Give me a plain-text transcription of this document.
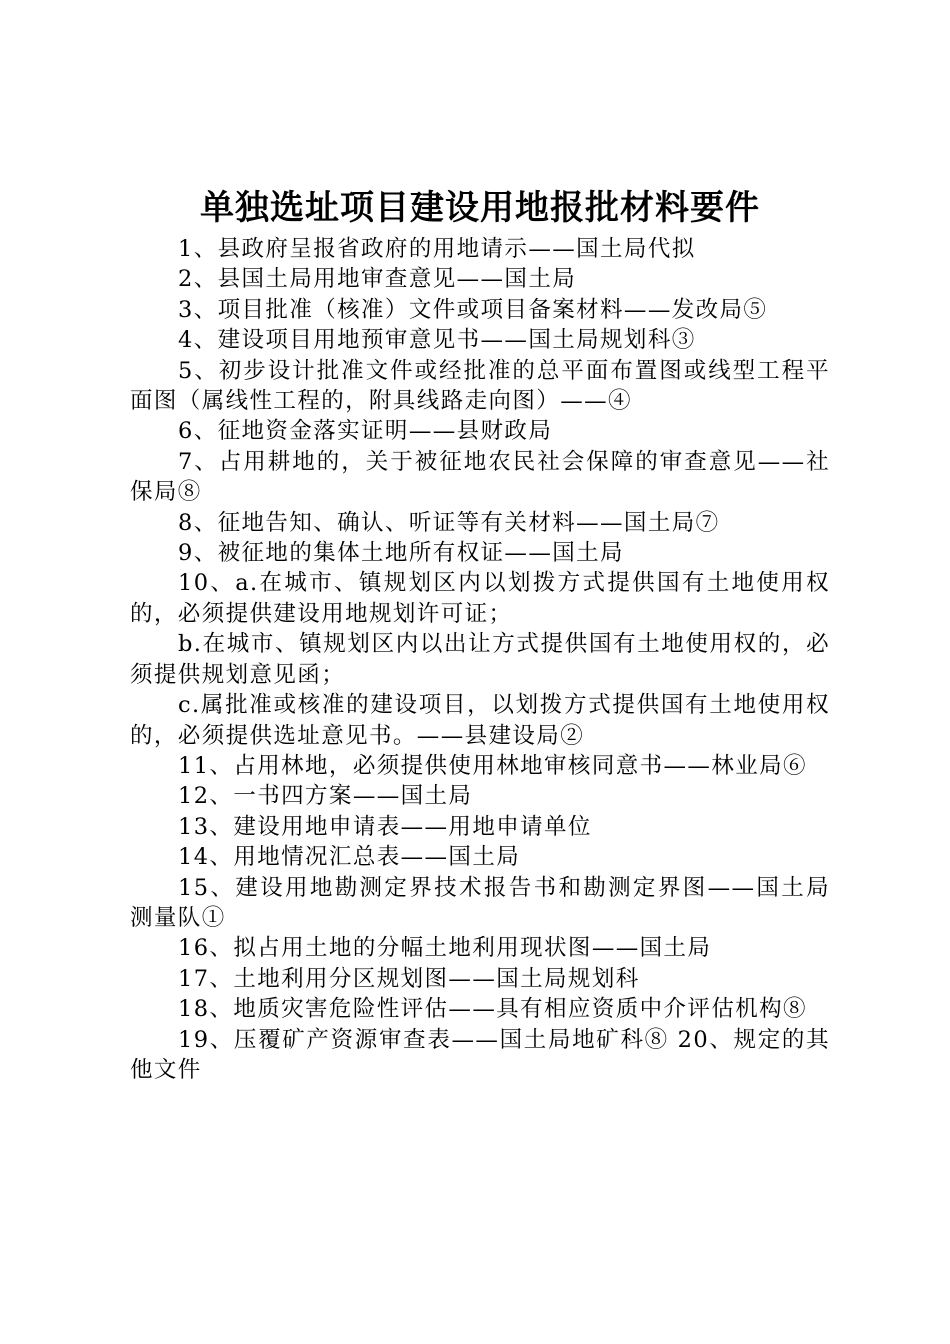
单独选址项目建设用地报批材料要件

1、县政府呈报省政府的用地请示——国土局代拟

2、县国土局用地审查意见——国土局

3、项目批准（核准）文件或项目备案材料——发改局⑤

4、建设项目用地预审意见书——国土局规划科③

5、初步设计批准文件或经批准的总平面布置图或线型工程平面图（属线性工程的，附具线路走向图）——④

6、征地资金落实证明——县财政局

7、占用耕地的，关于被征地农民社会保障的审查意见——社保局⑧

8、征地告知、确认、听证等有关材料——国土局⑦

9、被征地的集体土地所有权证——国土局

10、a.在城市、镇规划区内以划拨方式提供国有土地使用权的，必须提供建设用地规划许可证；

b.在城市、镇规划区内以出让方式提供国有土地使用权的，必须提供规划意见函；

c.属批准或核准的建设项目，以划拨方式提供国有土地使用权的，必须提供选址意见书。——县建设局②

11、占用林地，必须提供使用林地审核同意书——林业局⑥

12、一书四方案——国土局

13、建设用地申请表——用地申请单位

14、用地情况汇总表——国土局

15、建设用地勘测定界技术报告书和勘测定界图——国土局测量队①

16、拟占用土地的分幅土地利用现状图——国土局

17、土地利用分区规划图——国土局规划科

18、地质灾害危险性评估——具有相应资质中介评估机构⑧

19、压覆矿产资源审查表——国土局地矿科⑧ 20、规定的其他文件
